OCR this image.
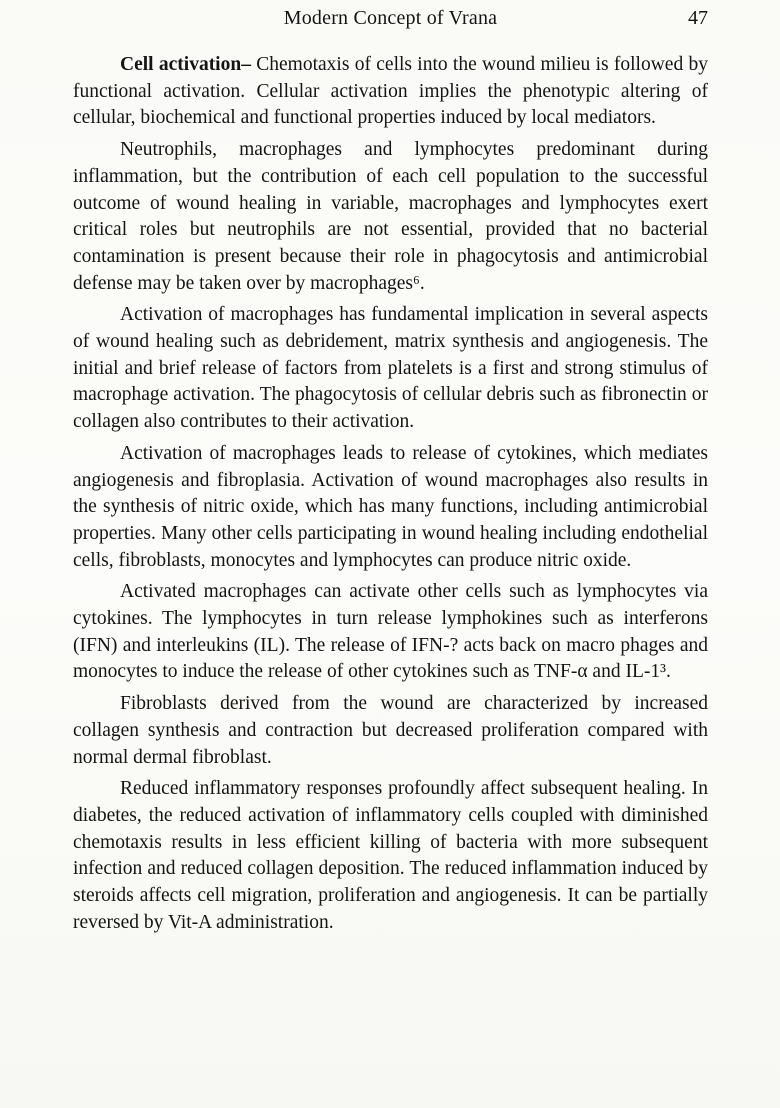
Modern Concept of Vrana	47

Cell activation– Chemotaxis of cells into the wound milieu is followed by functional activation. Cellular activation implies the phenotypic altering of cellular, biochemical and functional properties induced by local mediators.

Neutrophils, macrophages and lymphocytes predominant during inflammation, but the contribution of each cell population to the successful outcome of wound healing in variable, macrophages and lymphocytes exert critical roles but neutrophils are not essential, provided that no bacterial contamination is present because their role in phagocytosis and antimicrobial defense may be taken over by macrophages⁶.

Activation of macrophages has fundamental implication in several aspects of wound healing such as debridement, matrix synthesis and angiogenesis. The initial and brief release of factors from platelets is a first and strong stimulus of macrophage activation. The phagocytosis of cellular debris such as fibronectin or collagen also contributes to their activation.

Activation of macrophages leads to release of cytokines, which mediates angiogenesis and fibroplasia. Activation of wound macrophages also results in the synthesis of nitric oxide, which has many functions, including antimicrobial properties. Many other cells participating in wound healing including endothelial cells, fibroblasts, monocytes and lymphocytes can produce nitric oxide.

Activated macrophages can activate other cells such as lymphocytes via cytokines. The lymphocytes in turn release lymphokines such as interferons (IFN) and interleukins (IL). The release of IFN-? acts back on macro phages and monocytes to induce the release of other cytokines such as TNF-α and IL-1³.

Fibroblasts derived from the wound are characterized by increased collagen synthesis and contraction but decreased proliferation compared with normal dermal fibroblast.

Reduced inflammatory responses profoundly affect subsequent healing. In diabetes, the reduced activation of inflammatory cells coupled with diminished chemotaxis results in less efficient killing of bacteria with more subsequent infection and reduced collagen deposition. The reduced inflammation induced by steroids affects cell migration, proliferation and angiogenesis. It can be partially reversed by Vit-A administration.
